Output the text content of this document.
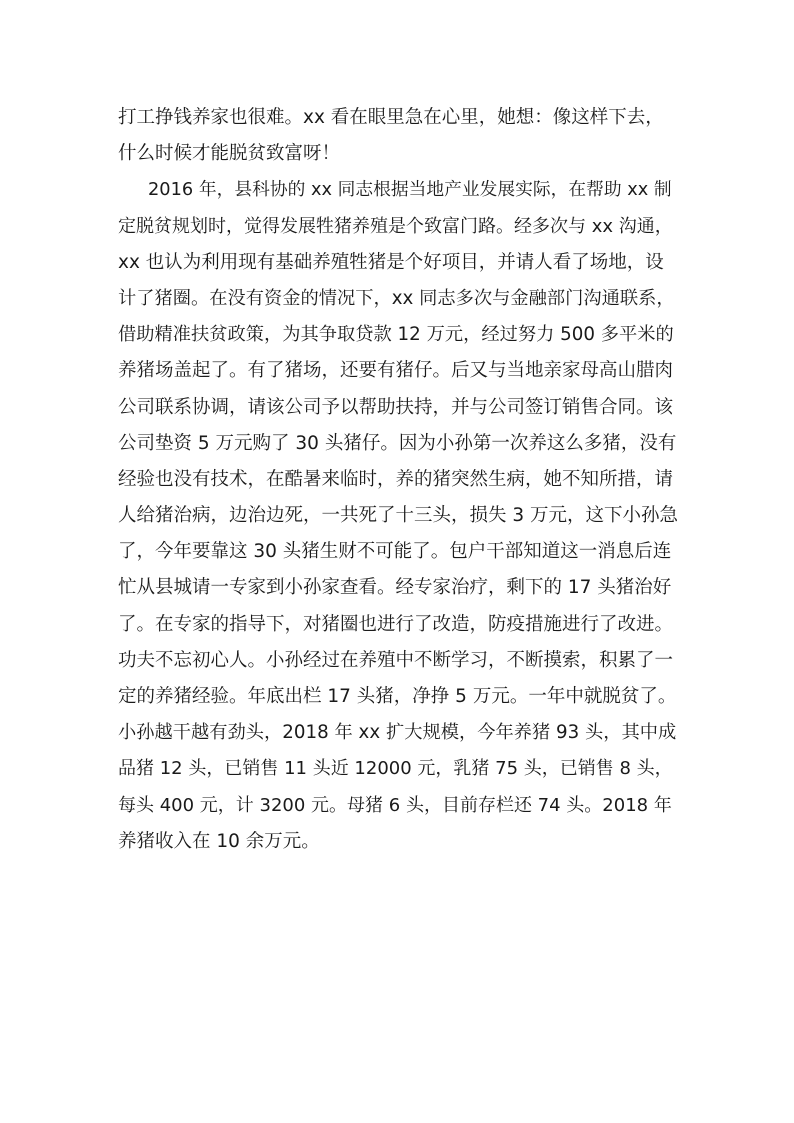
打工挣钱养家也很难。xx 看在眼里急在心里，她想：像这样下去，
什么时候才能脱贫致富呀！
2016 年，县科协的 xx 同志根据当地产业发展实际，在帮助 xx 制
定脱贫规划时，觉得发展牲猪养殖是个致富门路。经多次与 xx 沟通，
xx 也认为利用现有基础养殖牲猪是个好项目，并请人看了场地，设
计了猪圈。在没有资金的情况下，xx 同志多次与金融部门沟通联系，
借助精准扶贫政策，为其争取贷款 12 万元，经过努力 500 多平米的
养猪场盖起了。有了猪场，还要有猪仔。后又与当地亲家母高山腊肉
公司联系协调，请该公司予以帮助扶持，并与公司签订销售合同。该
公司垫资 5 万元购了 30 头猪仔。因为小孙第一次养这么多猪，没有
经验也没有技术，在酷暑来临时，养的猪突然生病，她不知所措，请
人给猪治病，边治边死，一共死了十三头，损失 3 万元，这下小孙急
了，今年要靠这 30 头猪生财不可能了。包户干部知道这一消息后连
忙从县城请一专家到小孙家查看。经专家治疗，剩下的 17 头猪治好
了。在专家的指导下，对猪圈也进行了改造，防疫措施进行了改进。
功夫不忘初心人。小孙经过在养殖中不断学习，不断摸索，积累了一
定的养猪经验。年底出栏 17 头猪，净挣 5 万元。一年中就脱贫了。
小孙越干越有劲头，2018 年 xx 扩大规模，今年养猪 93 头，其中成
品猪 12 头，已销售 11 头近 12000 元，乳猪 75 头，已销售 8 头，
每头 400 元，计 3200 元。母猪 6 头，目前存栏还 74 头。2018 年
养猪收入在 10 余万元。
